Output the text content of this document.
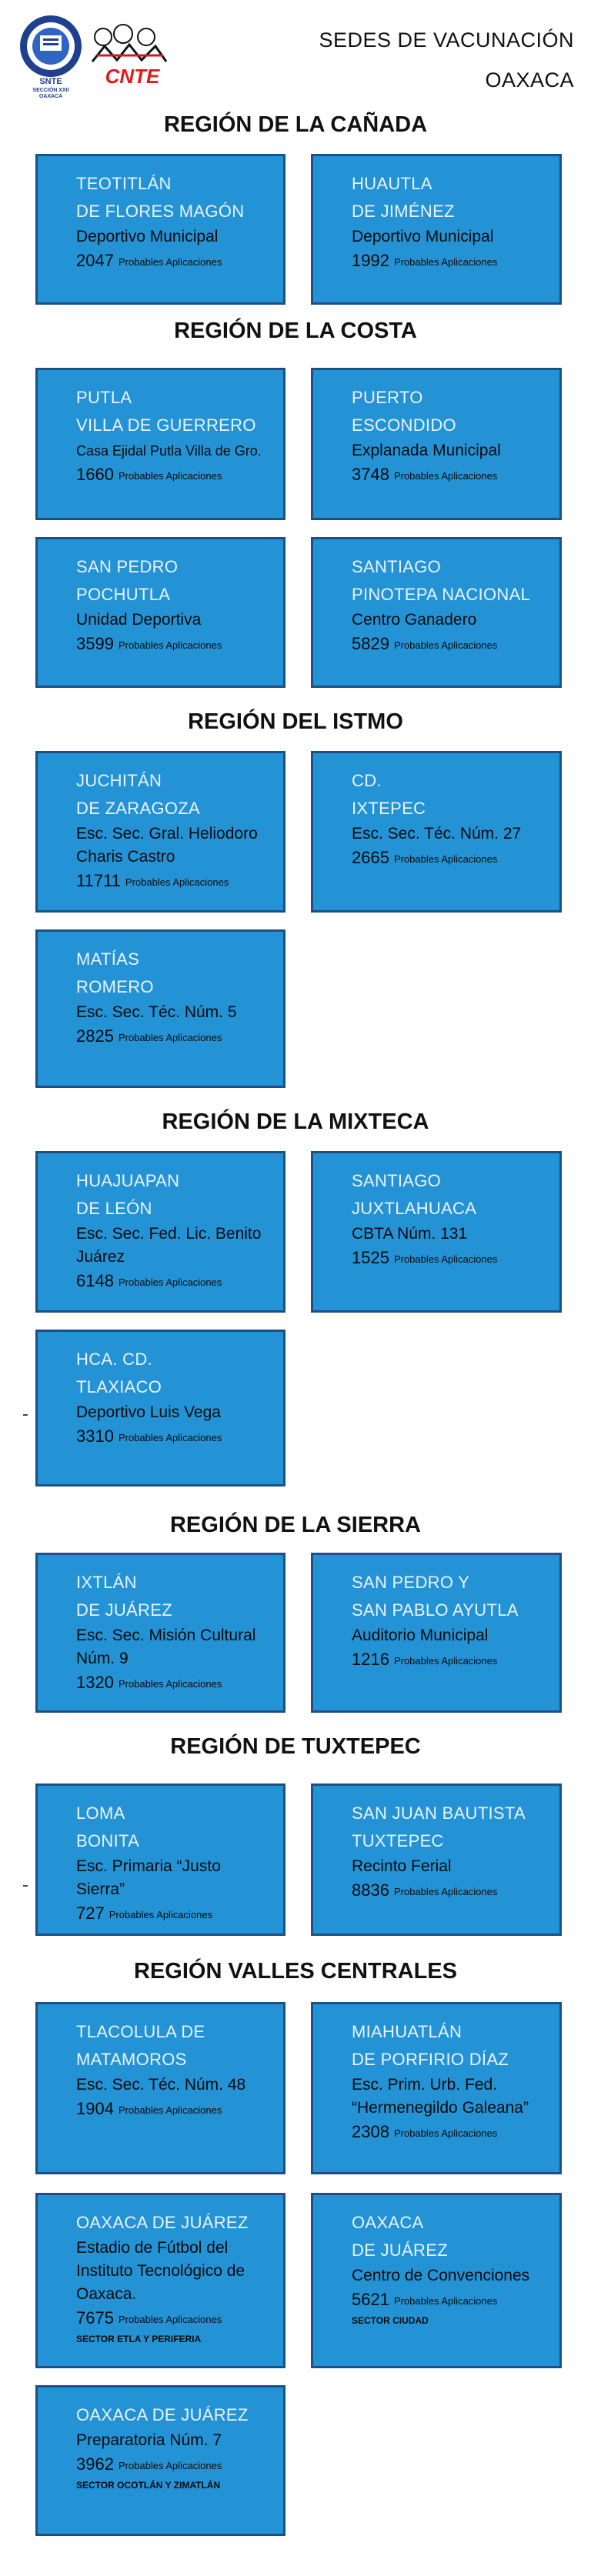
SNTE
SECCIÓN XXII
OAXACA
CNTE
SEDES DE VACUNACIÓN
OAXACA
REGIÓN DE LA CAÑADA
TEOTITLÁN
DE FLORES MAGÓN
Deportivo Municipal
2047 Probables Aplicaciones
HUAUTLA
DE JIMÉNEZ
Deportivo Municipal
1992 Probables Aplicaciones
REGIÓN DE LA COSTA
PUTLA
VILLA DE GUERRERO
Casa Ejidal Putla Villa de Gro.
1660 Probables Aplicaciones
PUERTO
ESCONDIDO
Explanada Municipal
3748 Probables Aplicaciones
SAN PEDRO
POCHUTLA
Unidad Deportiva
3599 Probables Aplicaciones
SANTIAGO
PINOTEPA NACIONAL
Centro Ganadero
5829 Probables Aplicaciones
REGIÓN DEL ISTMO
JUCHITÁN
DE ZARAGOZA
Esc. Sec. Gral. Heliodoro
Charis Castro
11711 Probables Aplicaciones
CD.
IXTEPEC
Esc. Sec. Téc. Núm. 27
2665 Probables Aplicaciones
MATÍAS
ROMERO
Esc. Sec. Téc. Núm. 5
2825 Probables Aplicaciones
REGIÓN DE LA MIXTECA
HUAJUAPAN
DE LEÓN
Esc. Sec. Fed. Lic. Benito
Juárez
6148 Probables Aplicaciones
SANTIAGO
JUXTLAHUACA
CBTA Núm. 131
1525 Probables Aplicaciones
HCA. CD.
TLAXIACO
Deportivo Luis Vega
3310 Probables Aplicaciones
REGIÓN DE LA SIERRA
IXTLÁN
DE JUÁREZ
Esc. Sec. Misión Cultural
Núm. 9
1320 Probables Aplicaciones
SAN PEDRO Y
SAN PABLO AYUTLA
Auditorio Municipal
1216 Probables Aplicaciones
REGIÓN DE TUXTEPEC
LOMA
BONITA
Esc. Primaria “Justo Sierra”
727 Probables Aplicaciones
SAN JUAN BAUTISTA
TUXTEPEC
Recinto Ferial
8836 Probables Aplicaciones
REGIÓN VALLES CENTRALES
TLACOLULA DE
MATAMOROS
Esc. Sec. Téc. Núm. 48
1904 Probables Aplicaciones
MIAHUATLÁN
DE PORFIRIO DÍAZ
Esc. Prim. Urb. Fed.
“Hermenegildo Galeana”
2308 Probables Aplicaciones
OAXACA DE JUÁREZ
Estadio de Fútbol del
Instituto Tecnológico de
Oaxaca.
7675 Probables Aplicaciones
SECTOR ETLA Y PERIFERIA
OAXACA
DE JUÁREZ
Centro de Convenciones
5621 Probables Aplicaciones
SECTOR CIUDAD
OAXACA DE JUÁREZ
Preparatoria Núm. 7
3962 Probables Aplicaciones
SECTOR OCOTLÁN Y ZIMATLÁN
